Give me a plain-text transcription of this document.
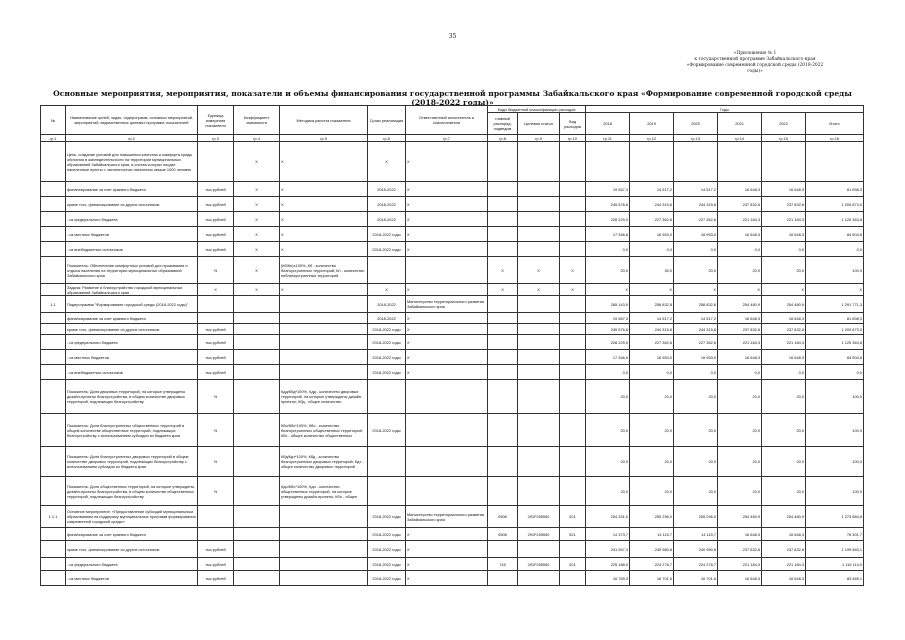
35
«Приложение № 1
к государственной программе Забайкальского края
«Формирование современной городской среды (2018-2022
годы)»
Основные мероприятия, мероприятия, показатели и объемы финансирования государственной программы Забайкальского края «Формирование современной городской среды (2018-2022 годы)»
№	Наименование целей, задач, подпрограмм, основных мероприятий, мероприятий, ведомственных целевых программ, показателей	Единица измерения показателя	Коэффициент значимости	Методика расчета показателя	Сроки реализации	Ответственный исполнитель и соисполнители	Коды бюджетной классификации расходов			Годы					
							главный распоряд. подведом	Целевая статья	Вид расходов	2018	2019	2020	2021	2022	Итого
гр.1	гр.2	гр.3	гр.4	гр.5	гр.6	гр.7	гр.8	гр.9	гр.10	гр.11	гр.12	гр.13	гр.14	гр.15	гр.16
	Цель: создание условий для повышения качества и комфорта среды обитания в жизнедеятельности на территории муниципальных образований Забайкальского края, в состав которых входят населенные пункты с численностью населения свыше 1000 человек		X	X	X	X									
	финансирование за счет краевого бюджета	тыс.рублей	X	X	2018-2022	X				19 567,3	14 517,2	14 517,2	16 648,3	16 648,3	81 898,3
	кроме того, финансирование из других источников:	тыс.рублей	X	X	2018-2022	X				245 576,6	244 315,6	244 315,6	237 832,6	237 832,6	1 209 873,0
	- из федерального бюджета	тыс.рублей	X	X	2018-2022	X				228 229,0	227 362,6	227 362,6	221 184,3	221 184,3	1 125 363,8
	- из местных бюджетов	тыс.рублей	X	X	2018-2022 годы	X				17 346,6	16 953,0	16 953,0	16 648,3	16 648,3	84 504,6
	- из внебюджетных источников	тыс.рублей	X	X	2018-2022 годы	X				0,0	0,0	0,0	0,0	0,0	0,0
	Показатель: Обеспечение комфортных условий для проживания и отдыха населения на территории муниципальных образований Забайкальского края	%	X	(Кб/Кн)х100%, Кб - количество благоустроенных территорий; Кн - количество неблагоустроенных территорий			X	X	X	20,0	30,0	20,0	20,0	20,0	100,0
	Задача: Развитие и благоустройство городской муниципальных образований Забайкальского края	X	X	X	X	X	X	X	X	X	X	X	X	X	X
1.1	Подпрограмма "Формирование городской среды (2018-2022 годы)"				2018-2022	Министерство территориального развития Забайкальского края				265 143,9	258 832,8	258 832,8	254 480,9	254 480,9	1 291 771,3
	финансирование за счет краевого бюджета				2018-2022	X				19 567,3	14 517,2	14 517,2	16 648,3	16 648,3	81 898,3
	кроме того, финансирование из других источников:	тыс.рублей			2018-2022 годы	X				245 576,6	244 315,6	244 315,6	237 832,6	237 832,6	1 209 873,0
	- из федерального бюджета	тыс.рублей			2018-2022 годы	X				228 229,0	227 362,6	227 362,6	221 184,3	221 184,3	1 125 363,8
	- из местных бюджетов	тыс.рублей			2018-2022 годы	X				17 346,6	16 953,0	16 953,0	16 648,3	16 648,3	84 504,6
	- из внебюджетных источников	тыс.рублей			2018-2022 годы	X				0,0	0,0	0,0	0,0	0,0	0,0
	Показатель: Доля дворовых территорий, на которые утверждены дизайн-проекты благоустройства, в общем количестве дворовых территорий, подлежащих благоустройству	%		Кдд/Кбд*100%, Кдд - количество дворовых территорий, на которые утверждены дизайн-проекты; Кбд - общее количество						20,0	20,0	20,0	20,0	20,0	100,0
	Показатель: Доля благоустроенных общественных территорий в общем количестве общественных территорий, подлежащих благоустройству с использованием субсидии из бюджета края	%		Кбо/Кбс*100%, Кбо - количество благоустроенных общественных территорий; Кбс - общее количество общественных	2018-2022 годы					20,0	20,0	20,0	20,0	20,0	100,0
	Показатель: Доля благоустроенных дворовых территорий в общем количестве дворовых территорий, подлежащих благоустройству с использованием субсидии из бюджета края	%		Кбд/Кдт*100%, Кбд - количество благоустроенных дворовых территорий; Кдт - общее количество дворовых территорий						20,0	20,0	20,0	20,0	20,0	100,0
	Показатель: Доля общественных территорий, на которые утверждены дизайн-проекты благоустройства, в общем количестве общественных территорий, подлежащих благоустройству	%		Кдо/Кбо*100%, Кдо - количество общественных территорий, на которые утверждены дизайн-проекты; Кбо - общее						20,0	20,0	20,0	20,0	20,0	100,0
1.1.1	Основное мероприятие: «Предоставление субсидий муниципальным образованиям на поддержку муниципальных программ формирования современной городской среды»				2018-2022 годы	Министерство территориального развития Забайкальского края	0506	291F255550	521	254 331,0	255 296,0	255 296,0	254 480,9	254 480,9	1 273 884,8
	финансирование за счет краевого бюджета				2018-2022 годы	X	0506	291F255550	521	14 373,7	14 115,7	14 115,7	16 648,3	16 648,3	76 301,7
	кроме того, финансирование из других источников:	тыс.рублей			2018-2022 годы	X				241 957,3	240 980,8	240 980,8	237 832,6	237 832,6	1 199 583,1
	- из федерального бюджета	тыс.рублей			2018-2022 годы	X	745	291F255550	521	225 188,0	224 278,7	224 278,7	221 184,3	221 184,3	1 116 114,0
	- из местных бюджетов	тыс.рублей			2018-2022 годы	X				16 769,3	16 701,6	16 701,6	16 648,3	16 648,3	83 469,1
